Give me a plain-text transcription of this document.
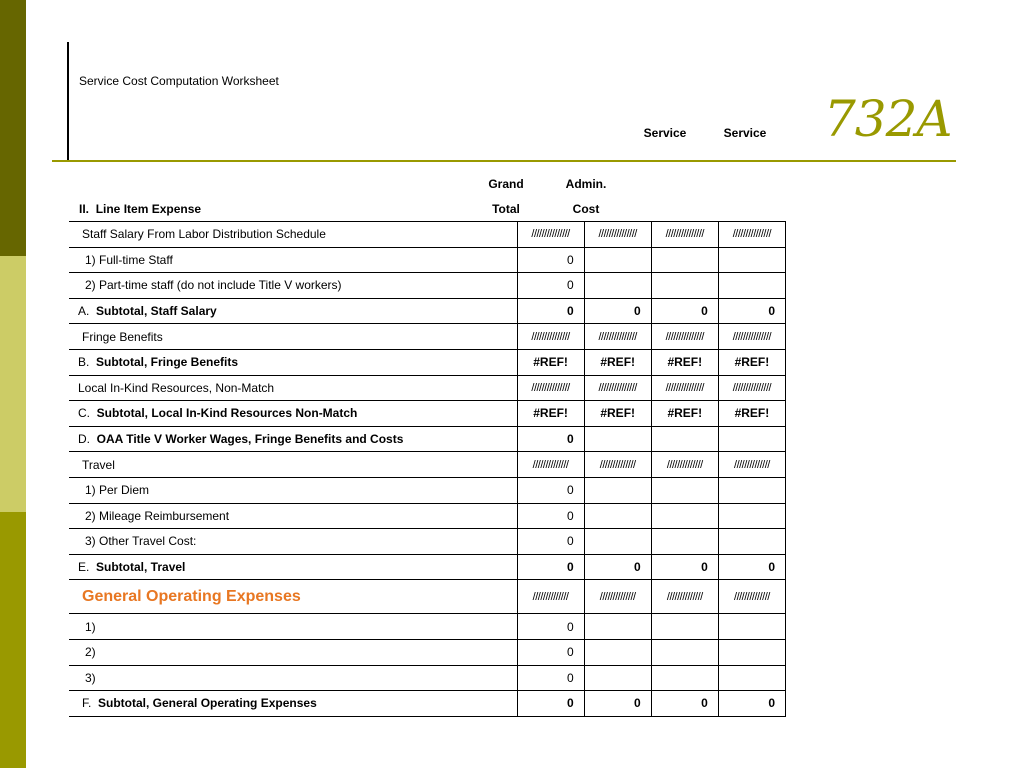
Service Cost Computation Worksheet
732A
Service	Service
Grand
Total
Admin.
Cost
II. Line Item Expense
Staff Salary From Labor Distribution Schedule	///////////////	///////////////	///////////////	///////////////
1) Full-time Staff	0			
2) Part-time staff (do not include Title V workers)	0			
A. Subtotal, Staff Salary	0	0	0	0
Fringe Benefits	///////////////	///////////////	///////////////	///////////////
B. Subtotal, Fringe Benefits	#REF!	#REF!	#REF!	#REF!
Local In-Kind Resources, Non-Match	///////////////	///////////////	///////////////	///////////////
C. Subtotal, Local In-Kind Resources Non-Match	#REF!	#REF!	#REF!	#REF!
D. OAA Title V Worker Wages, Fringe Benefits and Costs	0			
Travel	//////////////	//////////////	//////////////	//////////////
1) Per Diem	0			
2) Mileage Reimbursement	0			
3) Other Travel Cost:	0			
E. Subtotal, Travel	0	0	0	0
General Operating Expenses	//////////////	//////////////	//////////////	//////////////
1)	0			
2)	0			
3)	0			
F. Subtotal, General Operating Expenses	0	0	0	0
